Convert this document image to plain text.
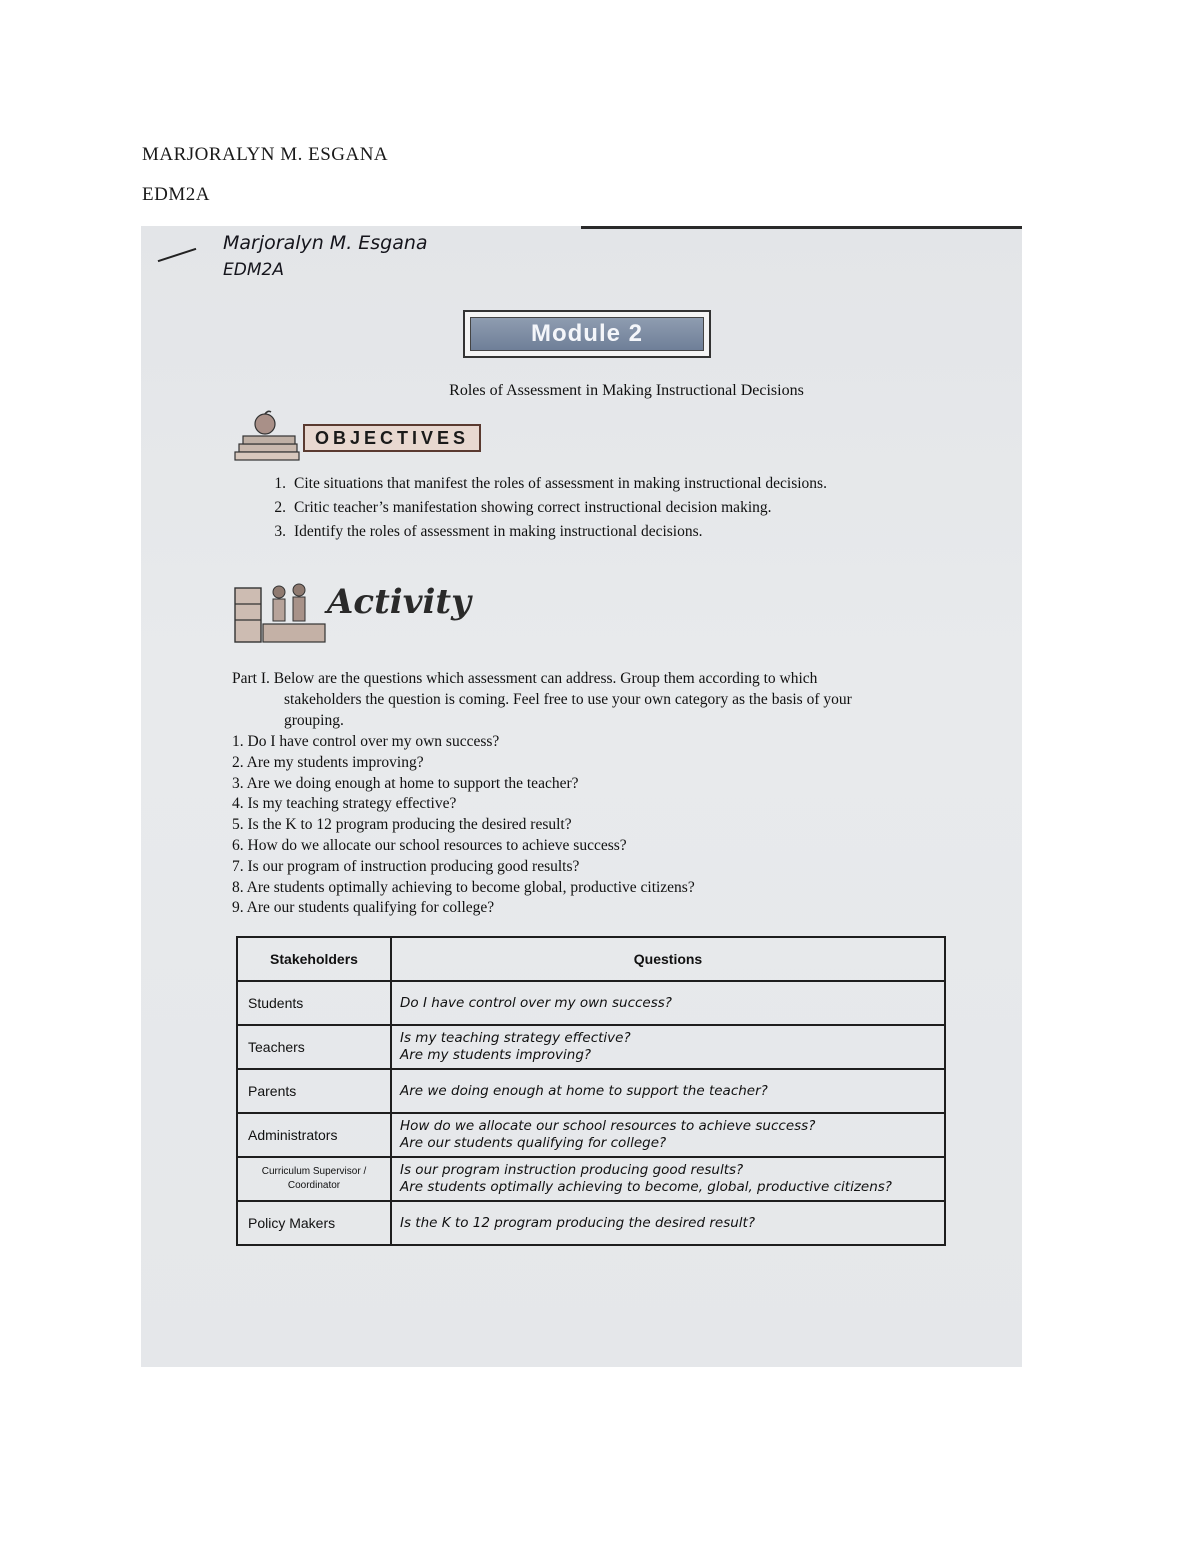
MARJORALYN M. ESGANA
EDM2A
Marjoralyn M. Esgana
EDM2A
Module 2
Roles of Assessment in Making Instructional Decisions
OBJECTIVES
1. Cite situations that manifest the roles of assessment in making instructional decisions.
2. Critic teacher’s manifestation showing correct instructional decision making.
3. Identify the roles of assessment in making instructional decisions.
Activity
Part I. Below are the questions which assessment can address. Group them according to which
stakeholders the question is coming. Feel free to use your own category as the basis of your
grouping.
1. Do I have control over my own success?
2. Are my students improving?
3. Are we doing enough at home to support the teacher?
4. Is my teaching strategy effective?
5. Is the K to 12 program producing the desired result?
6. How do we allocate our school resources to achieve success?
7. Is our program of instruction producing good results?
8. Are students optimally achieving to become global, productive citizens?
9. Are our students qualifying for college?
Stakeholders	Questions
Students	Do I have control over my own success?

Teachers	Is my teaching strategy effective?
Are my students improving?

Parents	Are we doing enough at home to support the teacher?

Administrators	How do we allocate our school resources to achieve success?
Are our students qualifying for college?

Curriculum Supervisor / Coordinator	Is our program instruction producing good results?
Are students optimally achieving to become, global, productive citizens?

Policy Makers	Is the K to 12 program producing the desired result?
